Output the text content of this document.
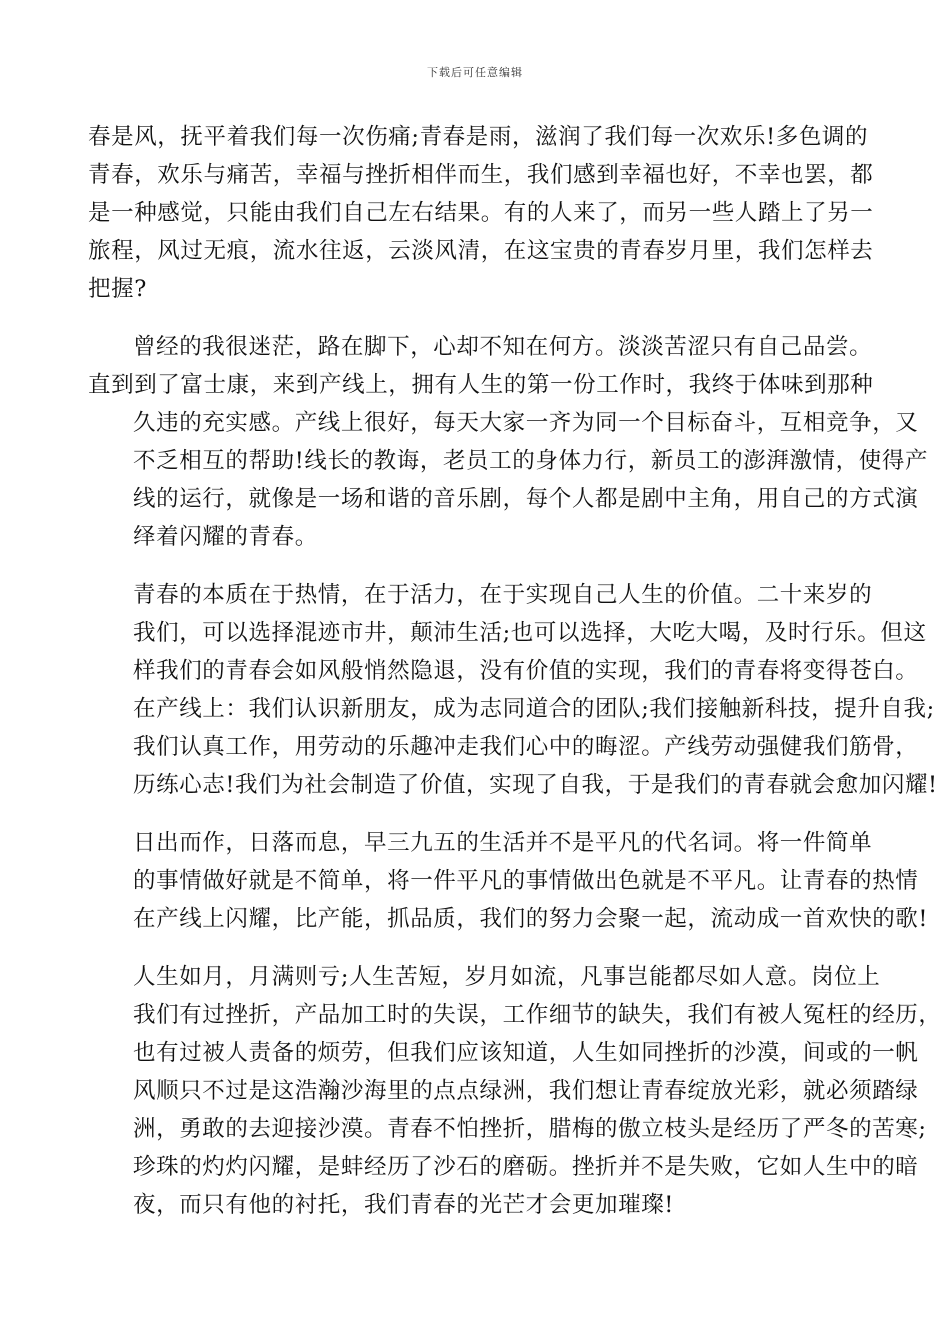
下载后可任意编辑

春是风，抚平着我们每一次伤痛;青春是雨，滋润了我们每一次欢乐!多色调的
青春，欢乐与痛苦，幸福与挫折相伴而生，我们感到幸福也好，不幸也罢，都
是一种感觉，只能由我们自己左右结果。有的人来了，而另一些人踏上了另一
旅程，风过无痕，流水往返，云淡风清，在这宝贵的青春岁月里，我们怎样去
把握?

曾经的我很迷茫，路在脚下，心却不知在何方。淡淡苦涩只有自己品尝。

直到到了富士康，来到产线上，拥有人生的第一份工作时，我终于体味到那种
久违的充实感。产线上很好，每天大家一齐为同一个目标奋斗，互相竞争，又
不乏相互的帮助!线长的教诲，老员工的身体力行，新员工的澎湃激情，使得产
线的运行，就像是一场和谐的音乐剧，每个人都是剧中主角，用自己的方式演
绎着闪耀的青春。

青春的本质在于热情，在于活力，在于实现自己人生的价值。二十来岁的

我们，可以选择混迹市井，颠沛生活;也可以选择，大吃大喝，及时行乐。但这
样我们的青春会如风般悄然隐退，没有价值的实现，我们的青春将变得苍白。
在产线上：我们认识新朋友，成为志同道合的团队;我们接触新科技，提升自我;
我们认真工作，用劳动的乐趣冲走我们心中的晦涩。产线劳动强健我们筋骨，
历练心志!我们为社会制造了价值，实现了自我，于是我们的青春就会愈加闪耀!

日出而作，日落而息，早三九五的生活并不是平凡的代名词。将一件简单

的事情做好就是不简单，将一件平凡的事情做出色就是不平凡。让青春的热情
在产线上闪耀，比产能，抓品质，我们的努力会聚一起，流动成一首欢快的歌!

人生如月，月满则亏;人生苦短，岁月如流，凡事岂能都尽如人意。岗位上

我们有过挫折，产品加工时的失误，工作细节的缺失，我们有被人冤枉的经历，
也有过被人责备的烦劳，但我们应该知道，人生如同挫折的沙漠，间或的一帆
风顺只不过是这浩瀚沙海里的点点绿洲，我们想让青春绽放光彩，就必须踏绿
洲，勇敢的去迎接沙漠。青春不怕挫折，腊梅的傲立枝头是经历了严冬的苦寒;
珍珠的灼灼闪耀，是蚌经历了沙石的磨砺。挫折并不是失败，它如人生中的暗
夜，而只有他的衬托，我们青春的光芒才会更加璀璨!
